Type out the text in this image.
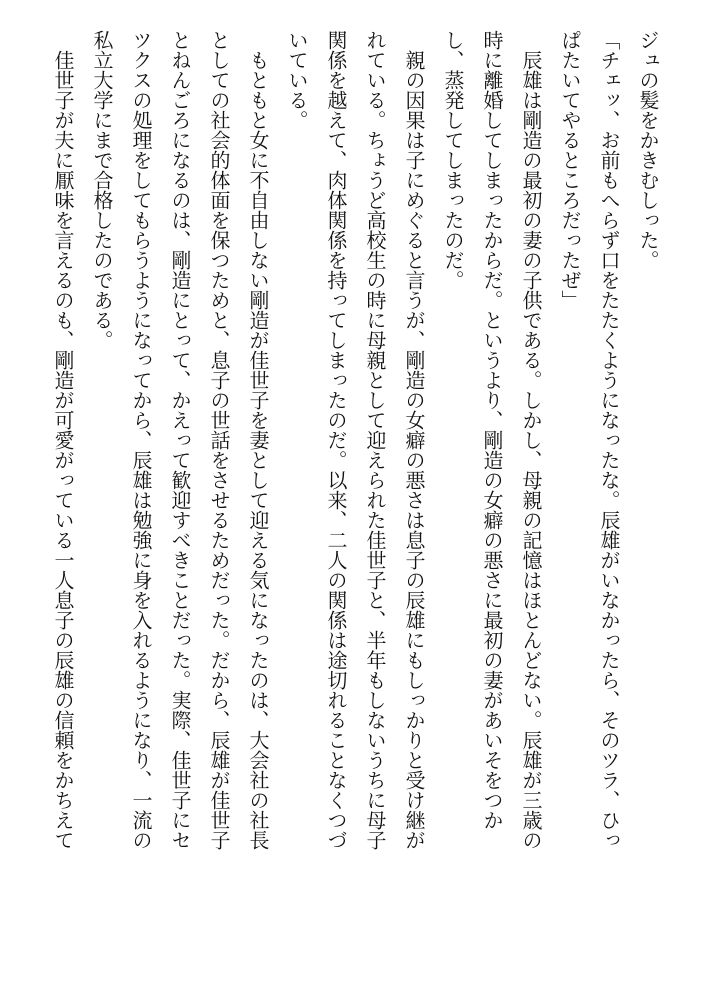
ジュの髪をかきむしった。

「チェッ、お前もへらず口をたたくようになったな。辰雄がいなかったら、そのツラ、ひっ

ぱたいてやるところだったぜ」

　辰雄は剛造の最初の妻の子供である。しかし、母親の記憶はほとんどない。辰雄が三歳の

時に離婚してしまったからだ。というより、剛造の女癖の悪さに最初の妻があいそをつか

し、蒸発してしまったのだ。

　親の因果は子にめぐると言うが、剛造の女癖の悪さは息子の辰雄にもしっかりと受け継が

れている。ちょうど高校生の時に母親として迎えられた佳世子と、半年もしないうちに母子

関係を越えて、肉体関係を持ってしまったのだ。以来、二人の関係は途切れることなくつづ

いている。

　もともと女に不自由しない剛造が佳世子を妻として迎える気になったのは、大会社の社長

としての社会的体面を保つためと、息子の世話をさせるためだった。だから、辰雄が佳世子

とねんごろになるのは、剛造にとって、かえって歓迎すべきことだった。実際、佳世子にセ

ツクスの処理をしてもらうようになってから、辰雄は勉強に身を入れるようになり、一流の

私立大学にまで合格したのである。

　佳世子が夫に厭味を言えるのも、剛造が可愛がっている一人息子の辰雄の信頼をかちえて
